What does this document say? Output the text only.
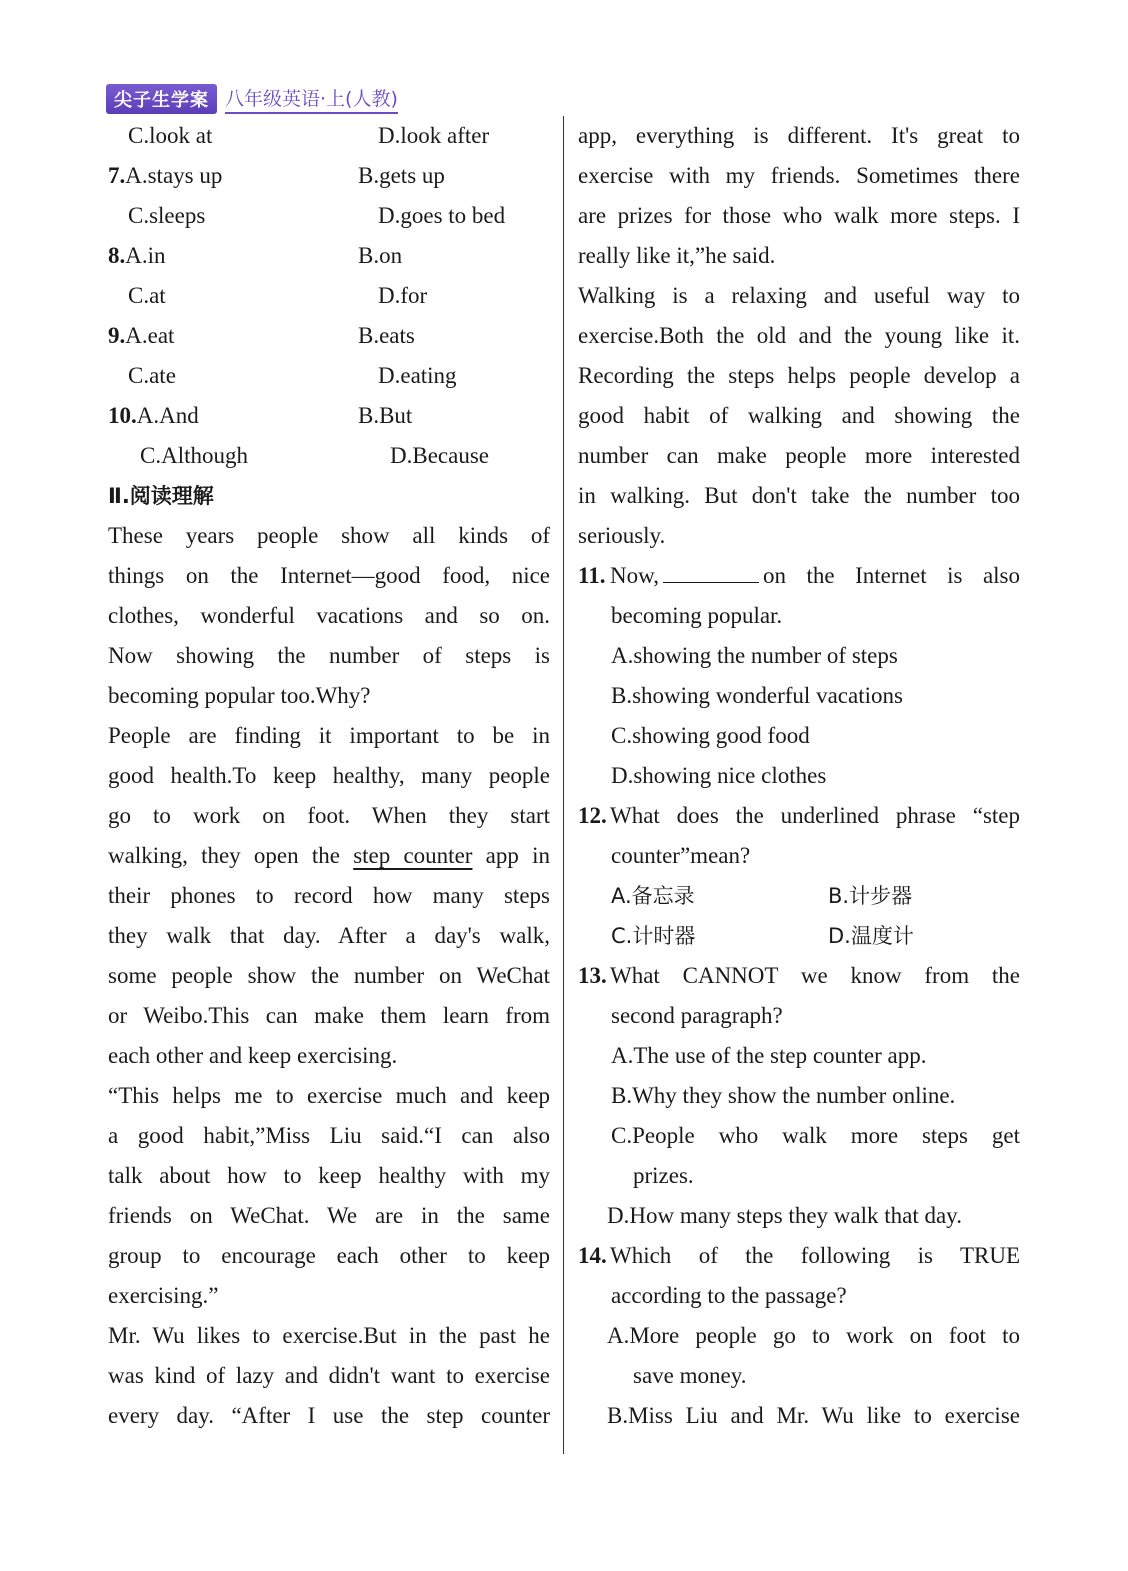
尖子生学案 八年级英语·上(人教)
C.look at	D.look after
7.A.stays up	B.gets up
C.sleeps	D.goes to bed
8.A.in	B.on
C.at	D.for
9.A.eat	B.eats
C.ate	D.eating
10.A.And	B.But
C.Although	D.Because
Ⅱ.阅读理解
These years people show all kinds of
things on the Internet—good food, nice
clothes, wonderful vacations and so on.
Now showing the number of steps is
becoming popular too.Why?
People are finding it important to be in
good health.To keep healthy, many people
go to work on foot. When they start
walking, they open the step counter app in
their phones to record how many steps
they walk that day. After a day's walk,
some people show the number on WeChat
or Weibo.This can make them learn from
each other and keep exercising.
“This helps me to exercise much and keep
a good habit,”Miss Liu said.“I can also
talk about how to keep healthy with my
friends on WeChat. We are in the same
group to encourage each other to keep
exercising.”
Mr. Wu likes to exercise.But in the past he
was kind of lazy and didn't want to exercise
every day. “After I use the step counter
app, everything is different. It's great to
exercise with my friends. Sometimes there
are prizes for those who walk more steps. I
really like it,”he said.
Walking is a relaxing and useful way to
exercise.Both the old and the young like it.
Recording the steps helps people develop a
good habit of walking and showing the
number can make people more interested
in walking. But don't take the number too
seriously.
11. Now,	on the Internet is also
becoming popular.
A.showing the number of steps
B.showing wonderful vacations
C.showing good food
D.showing nice clothes
12. What does the underlined phrase “step
counter”mean?
A.备忘录	B.计步器
C.计时器	D.温度计
13. What CANNOT we know from the
second paragraph?
A.The use of the step counter app.
B.Why they show the number online.
C.People who walk more steps get
prizes.
D.How many steps they walk that day.
14. Which of the following is TRUE
according to the passage?
A.More people go to work on foot to
save money.
B.Miss Liu and Mr. Wu like to exercise
